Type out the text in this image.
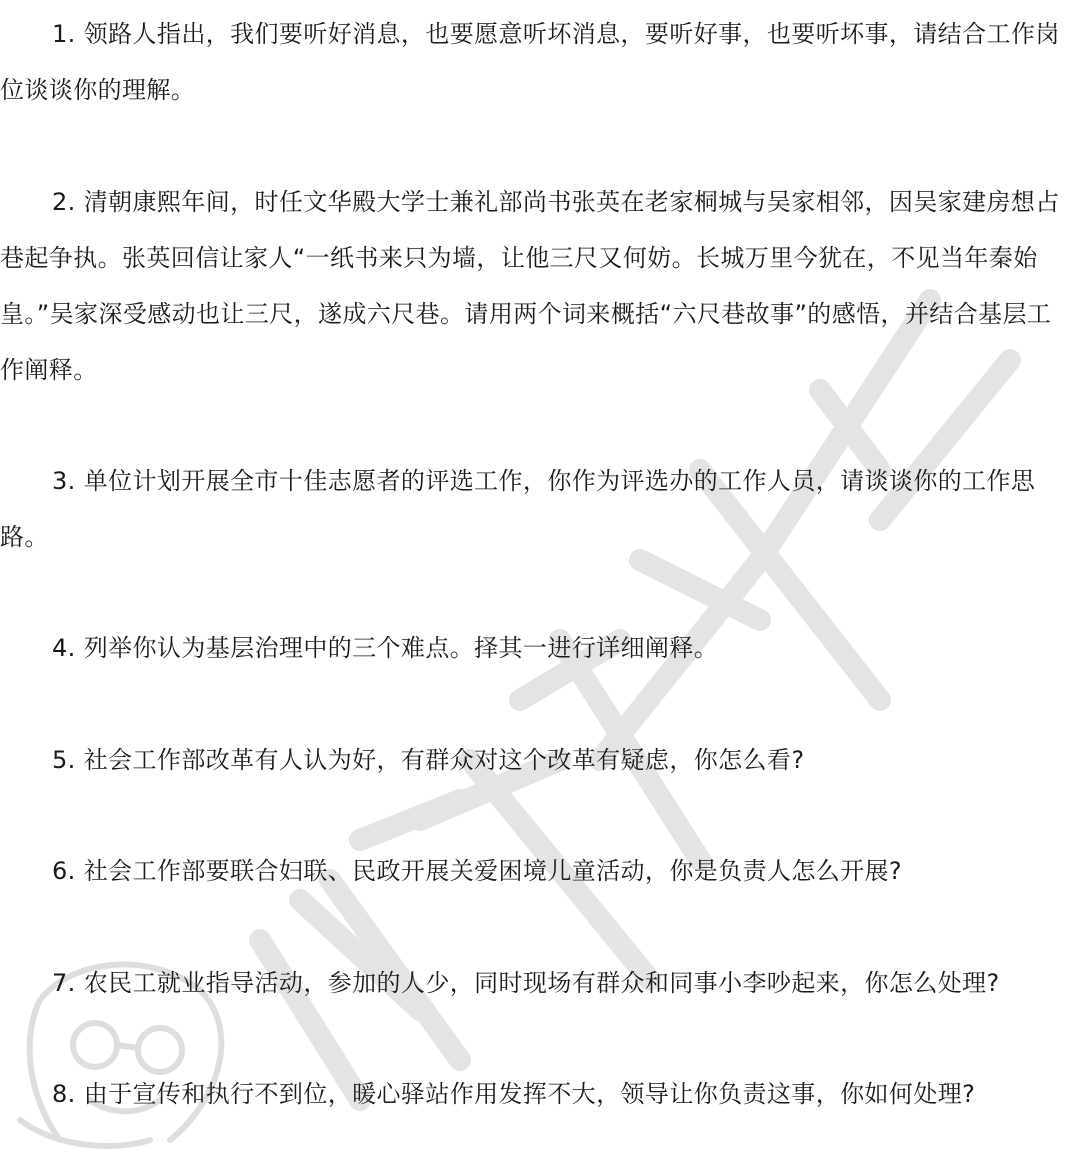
1. 领路人指出，我们要听好消息，也要愿意听坏消息，要听好事，也要听坏事，请结合工作岗位谈谈你的理解。

2. 清朝康熙年间，时任文华殿大学士兼礼部尚书张英在老家桐城与吴家相邻，因吴家建房想占巷起争执。张英回信让家人“一纸书来只为墙，让他三尺又何妨。长城万里今犹在，不见当年秦始皇。”吴家深受感动也让三尺，遂成六尺巷。请用两个词来概括“六尺巷故事”的感悟，并结合基层工作阐释。

3. 单位计划开展全市十佳志愿者的评选工作，你作为评选办的工作人员，请谈谈你的工作思路。

4. 列举你认为基层治理中的三个难点。择其一进行详细阐释。

5. 社会工作部改革有人认为好，有群众对这个改革有疑虑，你怎么看?

6. 社会工作部要联合妇联、民政开展关爱困境儿童活动，你是负责人怎么开展?

7. 农民工就业指导活动，参加的人少，同时现场有群众和同事小李吵起来，你怎么处理?

8. 由于宣传和执行不到位，暖心驿站作用发挥不大，领导让你负责这事，你如何处理?
